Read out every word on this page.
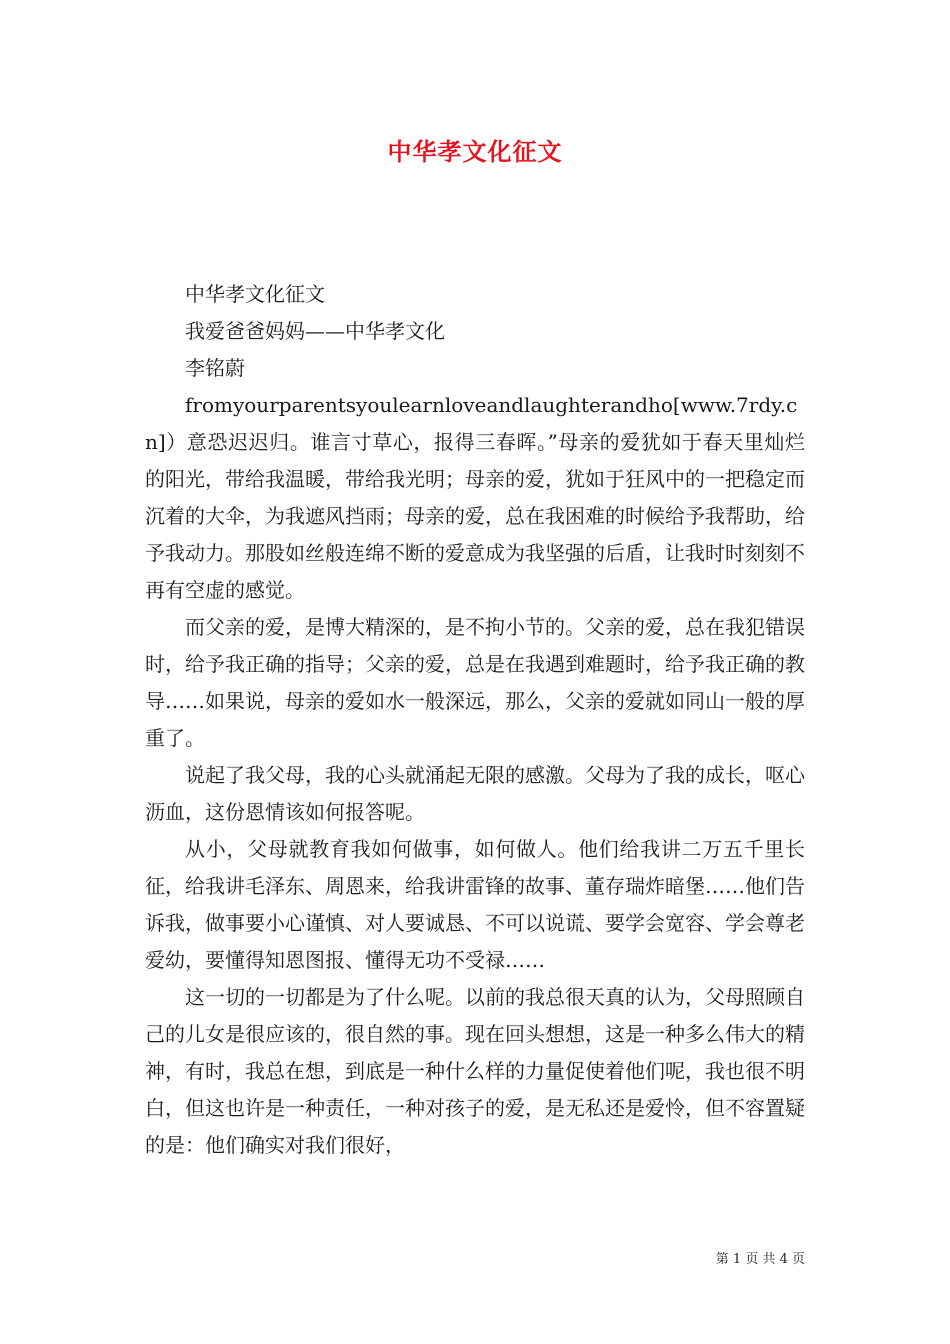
中华孝文化征文

中华孝文化征文

我爱爸爸妈妈——中华孝文化

李铭蔚

fromyourparentsyoulearnloveandlaughterandho[www.7rdy.cn]）意恐迟迟归。谁言寸草心，报得三春晖。”母亲的爱犹如于春天里灿烂的阳光，带给我温暖，带给我光明；母亲的爱，犹如于狂风中的一把稳定而沉着的大伞，为我遮风挡雨；母亲的爱，总在我困难的时候给予我帮助，给予我动力。那股如丝般连绵不断的爱意成为我坚强的后盾，让我时时刻刻不再有空虚的感觉。

而父亲的爱，是博大精深的，是不拘小节的。父亲的爱，总在我犯错误时，给予我正确的指导；父亲的爱，总是在我遇到难题时，给予我正确的教导……如果说，母亲的爱如水一般深远，那么，父亲的爱就如同山一般的厚重了。

说起了我父母，我的心头就涌起无限的感激。父母为了我的成长，呕心沥血，这份恩情该如何报答呢。

从小，父母就教育我如何做事，如何做人。他们给我讲二万五千里长征，给我讲毛泽东、周恩来，给我讲雷锋的故事、董存瑞炸暗堡……他们告诉我，做事要小心谨慎、对人要诚恳、不可以说谎、要学会宽容、学会尊老爱幼，要懂得知恩图报、懂得无功不受禄……

这一切的一切都是为了什么呢。以前的我总很天真的认为，父母照顾自己的儿女是很应该的，很自然的事。现在回头想想，这是一种多么伟大的精神，有时，我总在想，到底是一种什么样的力量促使着他们呢，我也很不明白，但这也许是一种责任，一种对孩子的爱，是无私还是爱怜，但不容置疑的是：他们确实对我们很好，

第 1 页 共 4 页
